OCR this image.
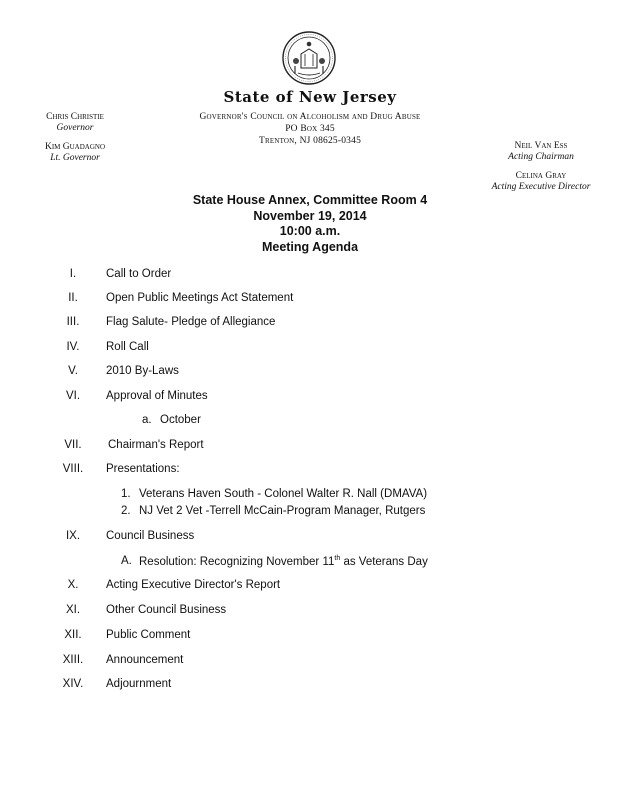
State of New Jersey
Governor's Council on Alcoholism and Drug Abuse
PO Box 345
Trenton, NJ 08625-0345
Chris Christie
Governor
Kim Guadagno
Lt. Governor
Neil Van Ess
Acting Chairman
Celina Gray
Acting Executive Director
State House Annex, Committee Room 4
November 19, 2014
10:00 a.m.
Meeting Agenda
I.	Call to Order
II.	Open Public Meetings Act Statement
III.	Flag Salute- Pledge of Allegiance
IV.	Roll Call
V.	2010 By-Laws
VI.	Approval of Minutes
a. October
VII.	Chairman's Report
VIII.	Presentations:
1. Veterans Haven South - Colonel Walter R. Nall (DMAVA)
2. NJ Vet 2 Vet -Terrell McCain-Program Manager, Rutgers
IX.	Council Business
A. Resolution: Recognizing November 11th as Veterans Day
X.	Acting Executive Director's Report
XI.	Other Council Business
XII.	Public Comment
XIII.	Announcement
XIV.	Adjournment
